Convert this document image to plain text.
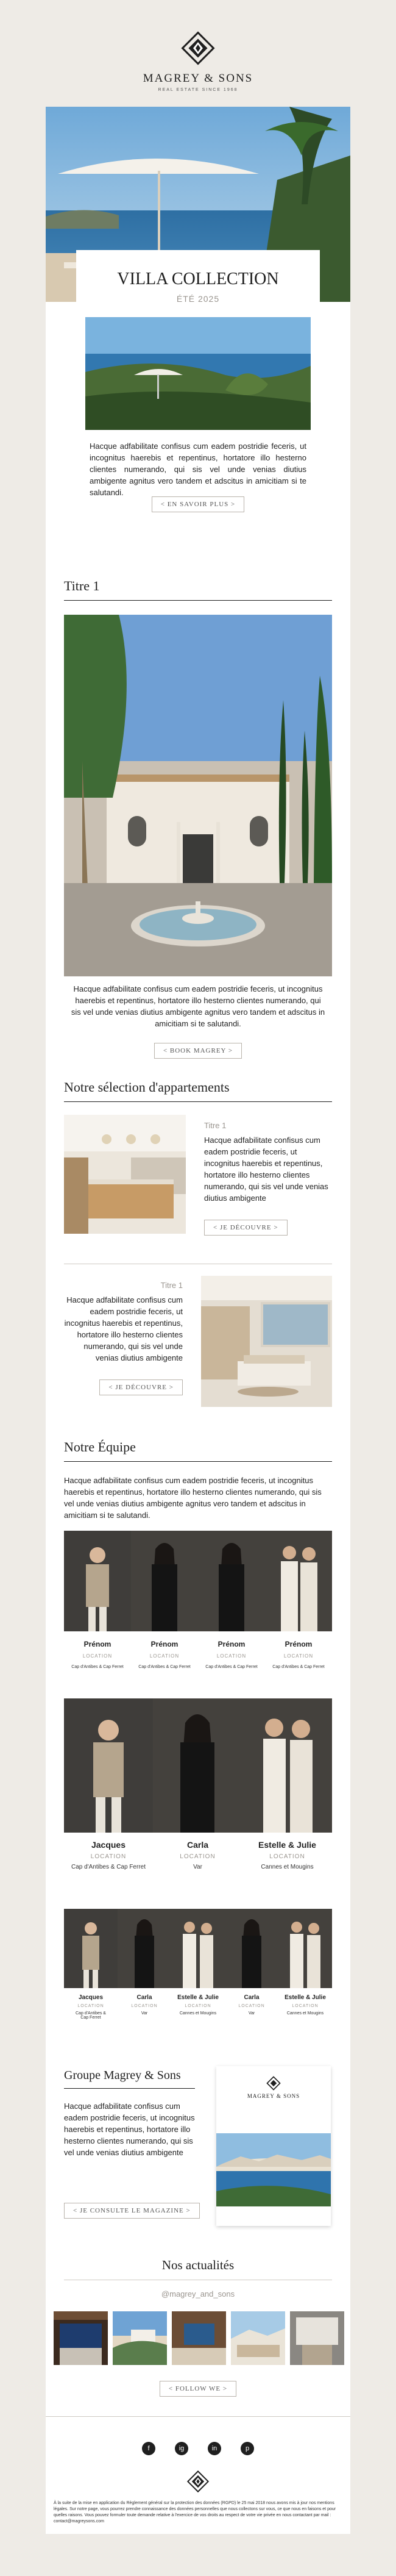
MAGREY & SONS
REAL ESTATE SINCE 1968
VILLA COLLECTION
ÉTÉ 2025
Hacque adfabilitate confisus cum eadem postridie feceris, ut incognitus haerebis et repentinus, hortatore illo hesterno clientes numerando, qui sis vel unde venias diutius ambigente agnitus vero tandem et adscitus in amicitiam si te salutandi.
< EN SAVOIR PLUS >
Titre 1
Hacque adfabilitate confisus cum eadem postridie feceris, ut incognitus haerebis et repentinus, hortatore illo hesterno clientes numerando, qui sis vel unde venias diutius ambigente agnitus vero tandem et adscitus in amicitiam si te salutandi.
< BOOK MAGREY >
Notre sélection d'appartements
Titre 1
Hacque adfabilitate confisus cum eadem postridie feceris, ut incognitus haerebis et repentinus, hortatore illo hesterno clientes numerando, qui sis vel unde venias diutius ambigente
< JE DÉCOUVRE >
Titre 1
Hacque adfabilitate confisus cum eadem postridie feceris, ut incognitus haerebis et repentinus, hortatore illo hesterno clientes numerando, qui sis vel unde venias diutius ambigente
< JE DÉCOUVRE >
Notre Équipe
Hacque adfabilitate confisus cum eadem postridie feceris, ut incognitus haerebis et repentinus, hortatore illo hesterno clientes numerando, qui sis vel unde venias diutius ambigente agnitus vero tandem et adscitus in amicitiam si te salutandi.
Prénom
LOCATION
Cap d'Antibes & Cap Ferret
Prénom
LOCATION
Cap d'Antibes & Cap Ferret
Prénom
LOCATION
Cap d'Antibes & Cap Ferret
Prénom
LOCATION
Cap d'Antibes & Cap Ferret
Jacques
LOCATION
Cap d'Antibes & Cap Ferret
Carla
LOCATION
Var
Estelle & Julie
LOCATION
Cannes et Mougins
Jacques
LOCATION
Cap d'Antibes & Cap Ferret
Carla
LOCATION
Var
Estelle & Julie
LOCATION
Cannes et Mougins
Carla
LOCATION
Var
Estelle & Julie
LOCATION
Cannes et Mougins
Groupe Magrey & Sons
Hacque adfabilitate confisus cum eadem postridie feceris, ut incognitus haerebis et repentinus, hortatore illo hesterno clientes numerando, qui sis vel unde venias diutius ambigente
< JE CONSULTE LE MAGAZINE >
MAGREY & SONS
Nos actualités
@magrey_and_sons
< FOLLOW WE >
f	ig	in	p
À la suite de la mise en application du Règlement général sur la protection des données (RGPD) le 25 mai 2018 nous avons mis à jour nos mentions légales. Sur notre page, vous pourrez prendre connaissance des données personnelles que nous collectons sur vous, ce que nous en faisons et pour quelles raisons. Vous pouvez formuler toute demande relative à l'exercice de vos droits au respect de votre vie privée en nous contactant par mail : contact@magreysons.com
